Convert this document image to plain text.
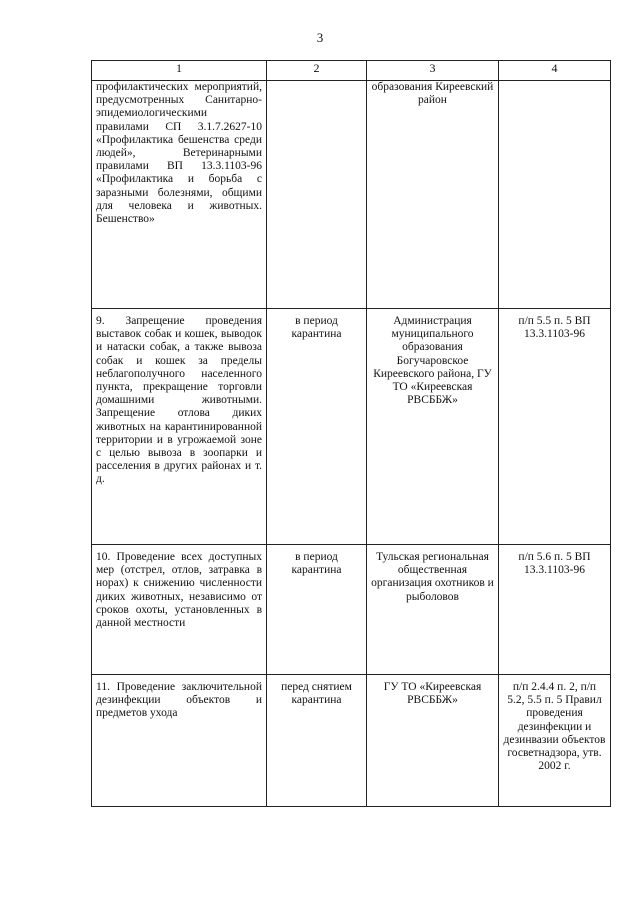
3
1	2	3	4
профилактических мероприятий, предусмотренных Санитарно-эпидемиологическими правилами СП 3.1.7.2627-10 «Профилактика бешенства среди людей», Ветеринарными правилами ВП 13.3.1103-96 «Профилактика и борьба с заразными болезнями, общими для человека и животных. Бешенство»		образования Киреевский район	
9. Запрещение проведения выставок собак и кошек, выводок и натаски собак, а также вывоза собак и кошек за пределы неблагополучного населенного пункта, прекращение торговли домашними животными. Запрещение отлова диких животных на карантинированной территории и в угрожаемой зоне с целью вывоза в зоопарки и расселения в других районах и т. д.	в период карантина	Администрация муниципального образования Богучаровское Киреевского района, ГУ ТО «Киреевская РВСББЖ»	п/п 5.5 п. 5 ВП 13.3.1103-96
10. Проведение всех доступных мер (отстрел, отлов, затравка в норах) к снижению численности диких животных, независимо от сроков охоты, установленных в данной местности	в период карантина	Тульская региональная общественная организация охотников и рыболовов	п/п 5.6 п. 5 ВП 13.3.1103-96
11. Проведение заключительной дезинфекции объектов и предметов ухода	перед снятием карантина	ГУ ТО «Киреевская РВСББЖ»	п/п 2.4.4 п. 2, п/п 5.2, 5.5 п. 5 Правил проведения дезинфекции и дезинвазии объектов госветнадзора, утв. 2002 г.
